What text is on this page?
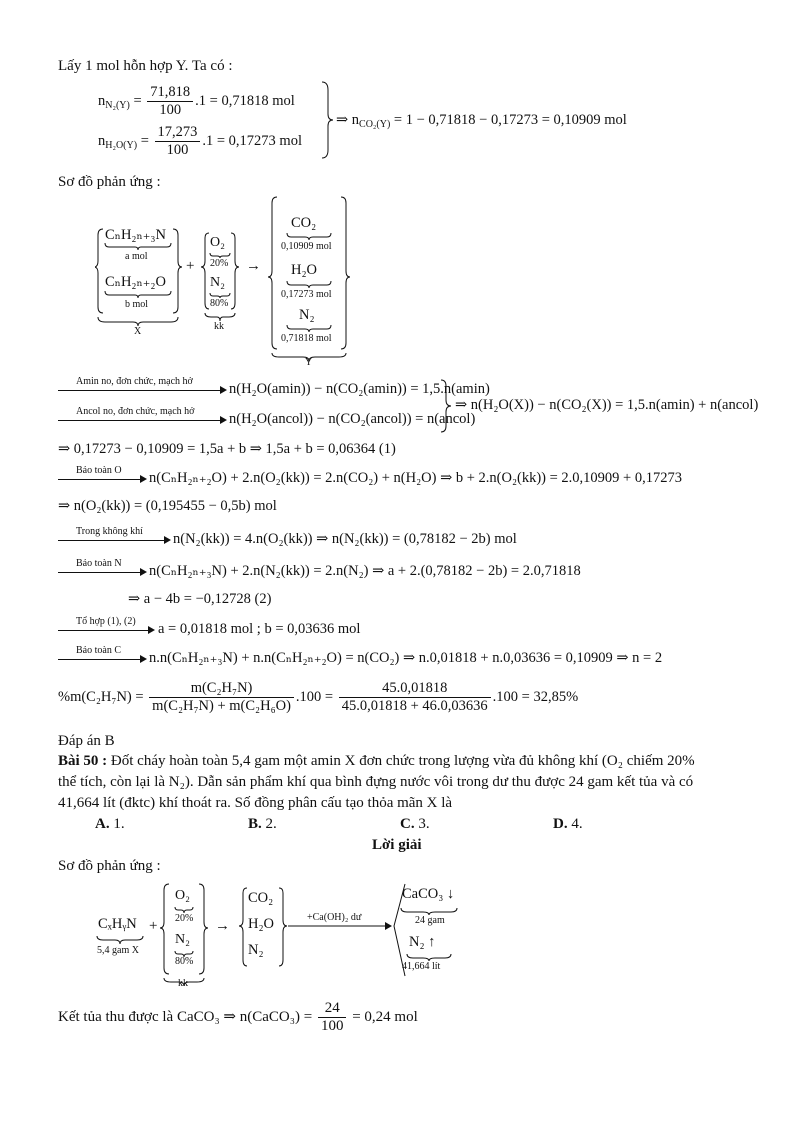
Lấy 1 mol hỗn hợp Y. Ta có :
$n_{N_2(Y)} = \frac{71,818}{100} .1 = 0,71818$ mol
$n_{H_2O(Y)} = \frac{17,273}{100} .1 = 0,17273$ mol
⇒ $n_{CO_2(Y)} = 1 - 0,71818 - 0,17273 = 0,10909$ mol
Sơ đồ phản ứng :
CₙH₂ₙ₊₃N
a mol
CₙH₂ₙ₊₂O
b mol
X
+
O₂
20%
N₂
80%
kk
→
CO₂
0,10909 mol
H₂O
0,17273 mol
N₂
0,71818 mol
Y
Amin no, đơn chức, mạch hở n(H₂O(amin)) − n(CO₂(amin)) = 1,5.n(amin)
Ancol no, đơn chức, mạch hở n(H₂O(ancol)) − n(CO₂(ancol)) = n(ancol)
⇒ n(H₂O(X)) − n(CO₂(X)) = 1,5.n(amin) + n(ancol)
⇒ 0,17273 − 0,10909 = 1,5a + b ⇒ 1,5a + b = 0,06364 (1)
Bảo toàn O n(CₙH₂ₙ₊₂O) + 2.n(O₂(kk)) = 2.n(CO₂) + n(H₂O) ⇒ b + 2.n(O₂(kk)) = 2.0,10909 + 0,17273
⇒ n(O₂(kk)) = (0,195455 − 0,5b) mol
Trong không khí n(N₂(kk)) = 4.n(O₂(kk)) ⇒ n(N₂(kk)) = (0,78182 − 2b) mol
Bảo toàn N n(CₙH₂ₙ₊₃N) + 2.n(N₂(kk)) = 2.n(N₂) ⇒ a + 2.(0,78182 − 2b) = 2.0,71818
⇒ a − 4b = −0,12728 (2)
Tổ hợp (1), (2) a = 0,01818 mol ; b = 0,03636 mol
Bảo toàn C n.n(CₙH₂ₙ₊₃N) + n.n(CₙH₂ₙ₊₂O) = n(CO₂) ⇒ n.0,01818 + n.0,03636 = 0,10909 ⇒ n = 2
$\%m(C_2H_7N) = \frac{\text{m(C₂H₇N)}}{\text{m(C₂H₇N) + m(C₂H₆O)}} .100 = \frac{45.0,01818}{45.0,01818 + 46.0,03636} .100 = 32,85\%$
Đáp án B
Bài 50 : Đốt cháy hoàn toàn 5,4 gam một amin X đơn chức trong lượng vừa đủ không khí (O₂ chiếm 20%
thể tích, còn lại là N₂). Dẫn sản phẩm khí qua bình đựng nước vôi trong dư thu được 24 gam kết tủa và có
41,664 lít (đktc) khí thoát ra. Số đồng phân cấu tạo thỏa mãn X là
A. 1.	B. 2.	C. 3.	D. 4.
Lời giải
Sơ đồ phản ứng :
CₓHᵧN
5,4 gam X
+
O₂
20%
N₂
80%
kk
→
CO₂
H₂O
N₂
+Ca(OH)₂ dư
CaCO₃ ↓
24 gam
N₂ ↑
41,664 lít
Kết tủa thu được là CaCO₃ ⇒ n(CaCO₃) = $\frac{24}{100} = 0,24$ mol
